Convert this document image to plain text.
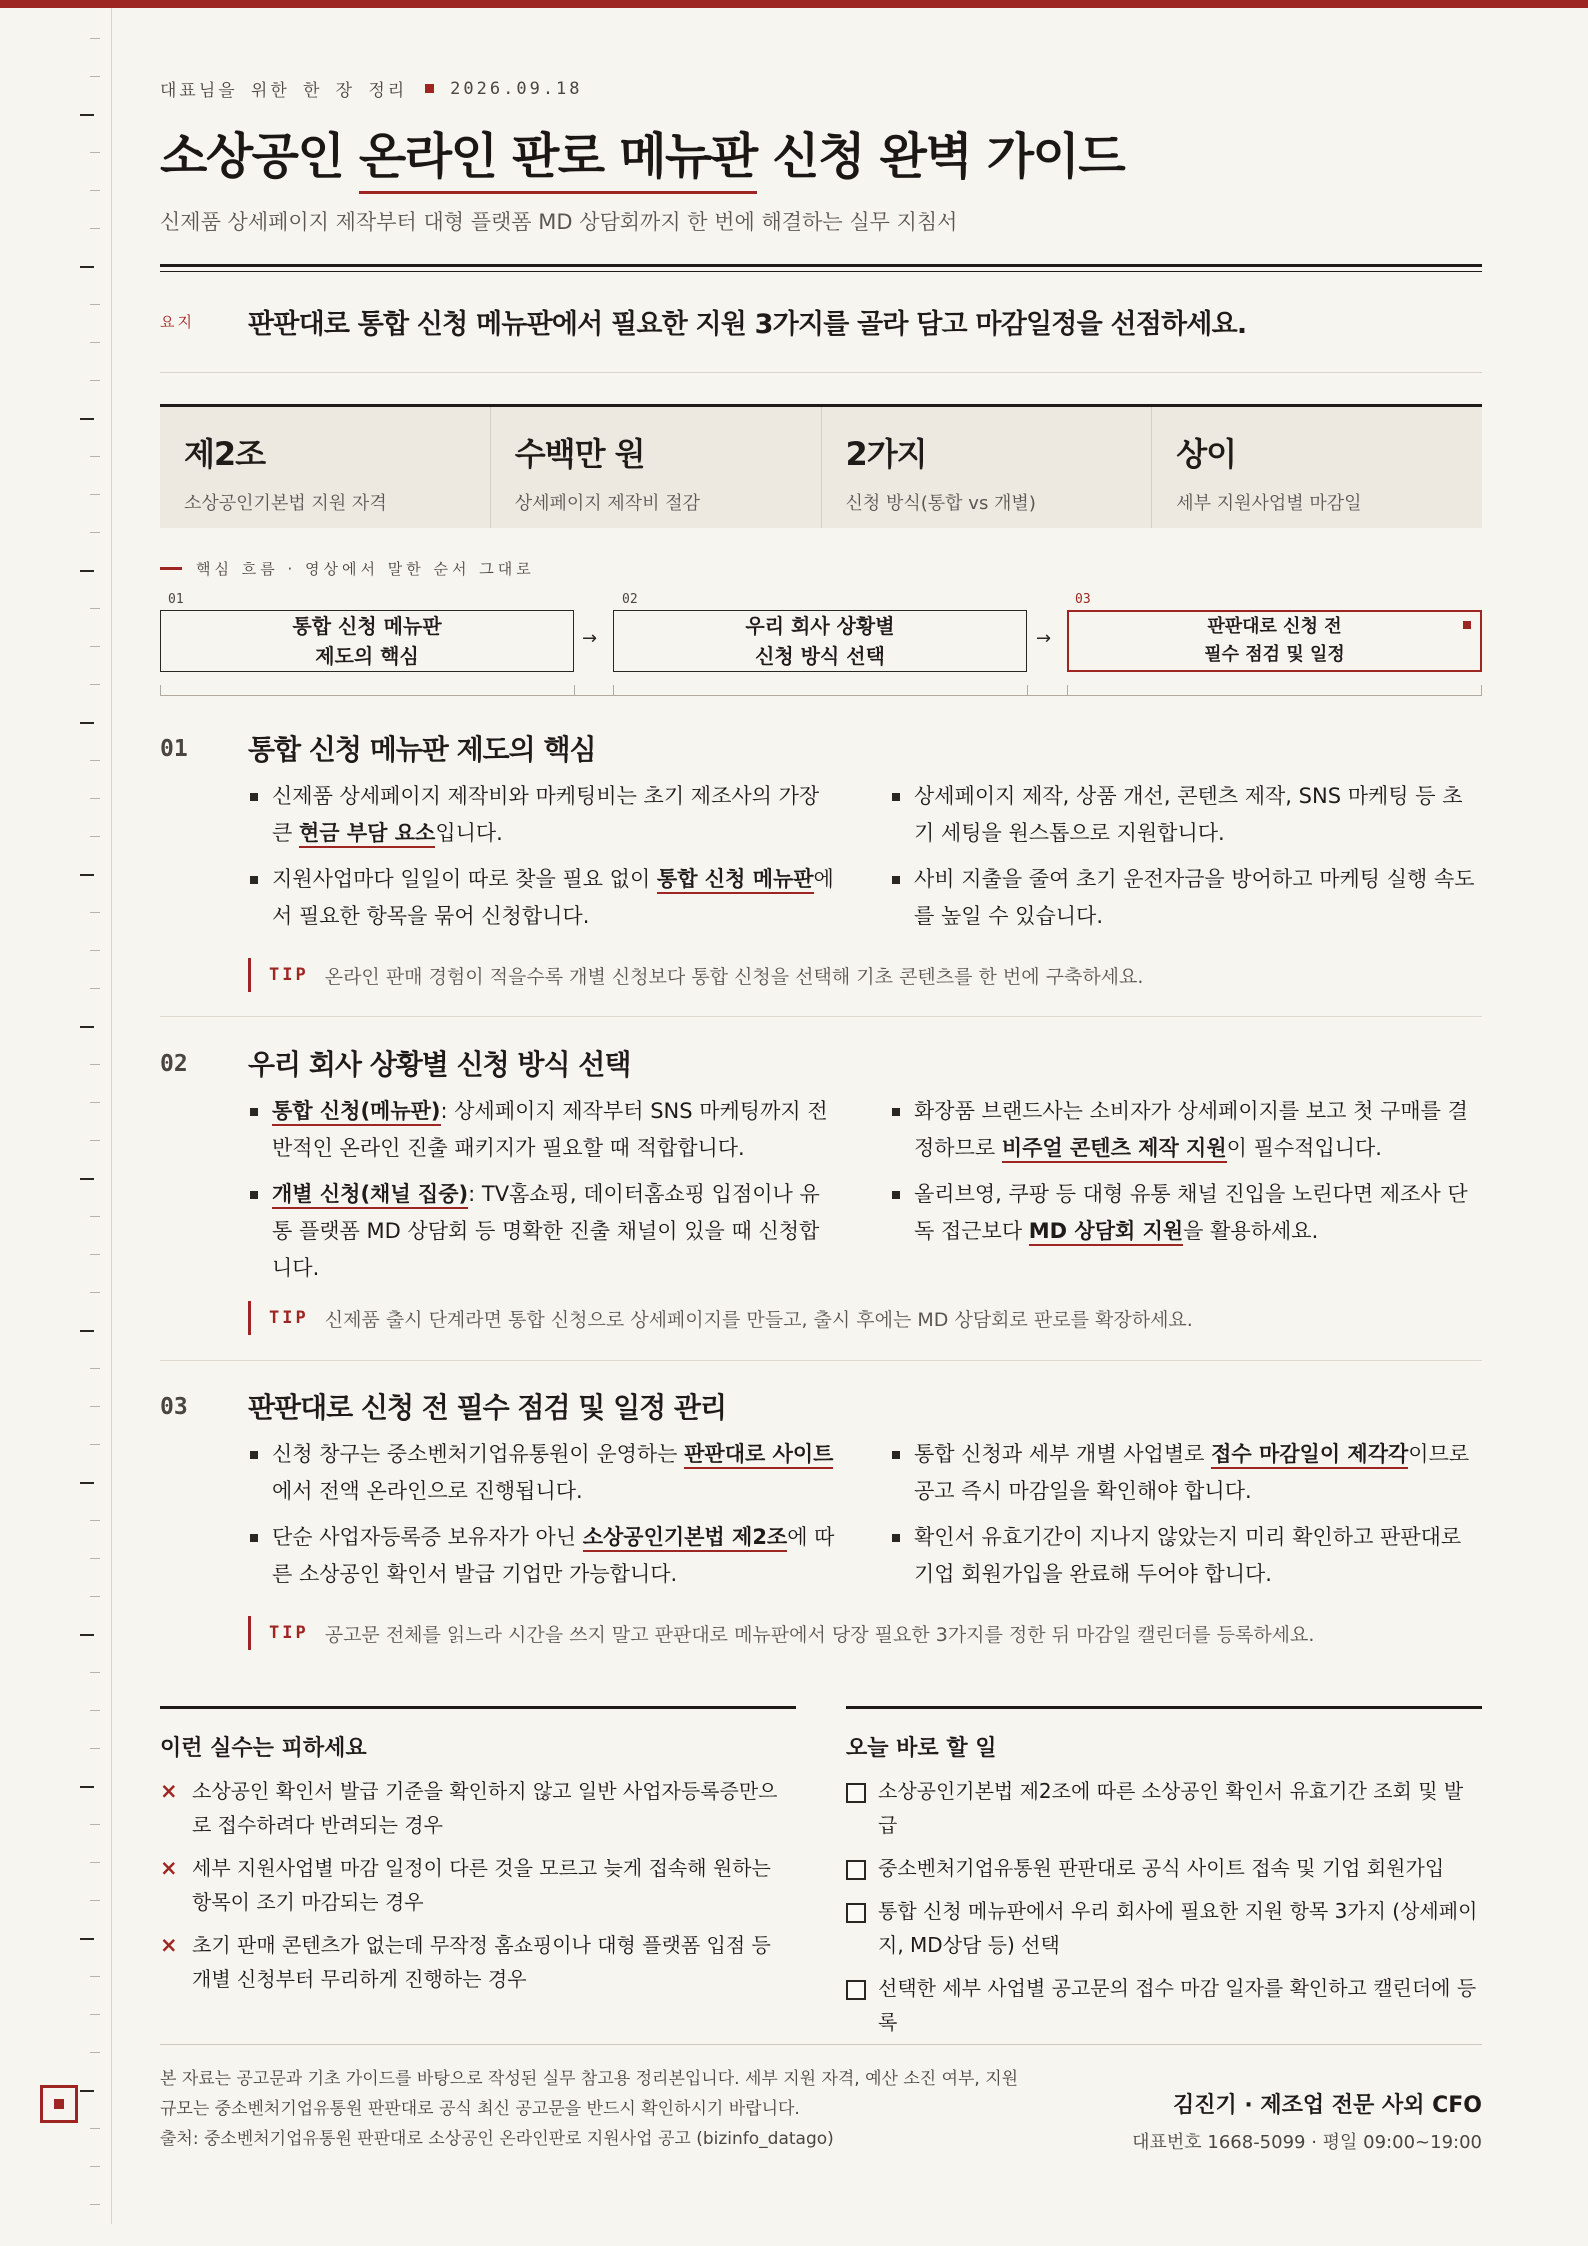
대표님을 위한 한 장 정리	2026.09.18
소상공인 온라인 판로 메뉴판 신청 완벽 가이드
신제품 상세페이지 제작부터 대형 플랫폼 MD 상담회까지 한 번에 해결하는 실무 지침서
요지 판판대로 통합 신청 메뉴판에서 필요한 지원 3가지를 골라 담고 마감일정을 선점하세요.
제2조
소상공인기본법 지원 자격
수백만 원
상세페이지 제작비 절감
2가지
신청 방식(통합 vs 개별)
상이
세부 지원사업별 마감일
핵심 흐름 · 영상에서 말한 순서 그대로
01
통합 신청 메뉴판
제도의 핵심
→
02
우리 회사 상황별
신청 방식 선택
→
03
판판대로 신청 전
필수 점검 및 일정
01 통합 신청 메뉴판 제도의 핵심
신제품 상세페이지 제작비와 마케팅비는 초기 제조사의 가장 큰 현금 부담 요소입니다.
지원사업마다 일일이 따로 찾을 필요 없이 통합 신청 메뉴판에서 필요한 항목을 묶어 신청합니다.
상세페이지 제작, 상품 개선, 콘텐츠 제작, SNS 마케팅 등 초기 세팅을 원스톱으로 지원합니다.
사비 지출을 줄여 초기 운전자금을 방어하고 마케팅 실행 속도를 높일 수 있습니다.
TIP 온라인 판매 경험이 적을수록 개별 신청보다 통합 신청을 선택해 기초 콘텐츠를 한 번에 구축하세요.
02 우리 회사 상황별 신청 방식 선택
통합 신청(메뉴판): 상세페이지 제작부터 SNS 마케팅까지 전반적인 온라인 진출 패키지가 필요할 때 적합합니다.
개별 신청(채널 집중): TV홈쇼핑, 데이터홈쇼핑 입점이나 유통 플랫폼 MD 상담회 등 명확한 진출 채널이 있을 때 신청합니다.
화장품 브랜드사는 소비자가 상세페이지를 보고 첫 구매를 결정하므로 비주얼 콘텐츠 제작 지원이 필수적입니다.
올리브영, 쿠팡 등 대형 유통 채널 진입을 노린다면 제조사 단독 접근보다 MD 상담회 지원을 활용하세요.
TIP 신제품 출시 단계라면 통합 신청으로 상세페이지를 만들고, 출시 후에는 MD 상담회로 판로를 확장하세요.
03 판판대로 신청 전 필수 점검 및 일정 관리
신청 창구는 중소벤처기업유통원이 운영하는 판판대로 사이트에서 전액 온라인으로 진행됩니다.
단순 사업자등록증 보유자가 아닌 소상공인기본법 제2조에 따른 소상공인 확인서 발급 기업만 가능합니다.
통합 신청과 세부 개별 사업별로 접수 마감일이 제각각이므로 공고 즉시 마감일을 확인해야 합니다.
확인서 유효기간이 지나지 않았는지 미리 확인하고 판판대로 기업 회원가입을 완료해 두어야 합니다.
TIP 공고문 전체를 읽느라 시간을 쓰지 말고 판판대로 메뉴판에서 당장 필요한 3가지를 정한 뒤 마감일 캘린더를 등록하세요.
이런 실수는 피하세요
× 소상공인 확인서 발급 기준을 확인하지 않고 일반 사업자등록증만으로 접수하려다 반려되는 경우
× 세부 지원사업별 마감 일정이 다른 것을 모르고 늦게 접속해 원하는 항목이 조기 마감되는 경우
× 초기 판매 콘텐츠가 없는데 무작정 홈쇼핑이나 대형 플랫폼 입점 등 개별 신청부터 무리하게 진행하는 경우
오늘 바로 할 일
소상공인기본법 제2조에 따른 소상공인 확인서 유효기간 조회 및 발급
중소벤처기업유통원 판판대로 공식 사이트 접속 및 기업 회원가입
통합 신청 메뉴판에서 우리 회사에 필요한 지원 항목 3가지 (상세페이지, MD상담 등) 선택
선택한 세부 사업별 공고문의 접수 마감 일자를 확인하고 캘린더에 등록
본 자료는 공고문과 기초 가이드를 바탕으로 작성된 실무 참고용 정리본입니다. 세부 지원 자격, 예산 소진 여부, 지원 규모는 중소벤처기업유통원 판판대로 공식 최신 공고문을 반드시 확인하시기 바랍니다.
출처: 중소벤처기업유통원 판판대로 소상공인 온라인판로 지원사업 공고 (bizinfo_datago)
김진기 · 제조업 전문 사외 CFO
대표번호 1668-5099 · 평일 09:00~19:00
